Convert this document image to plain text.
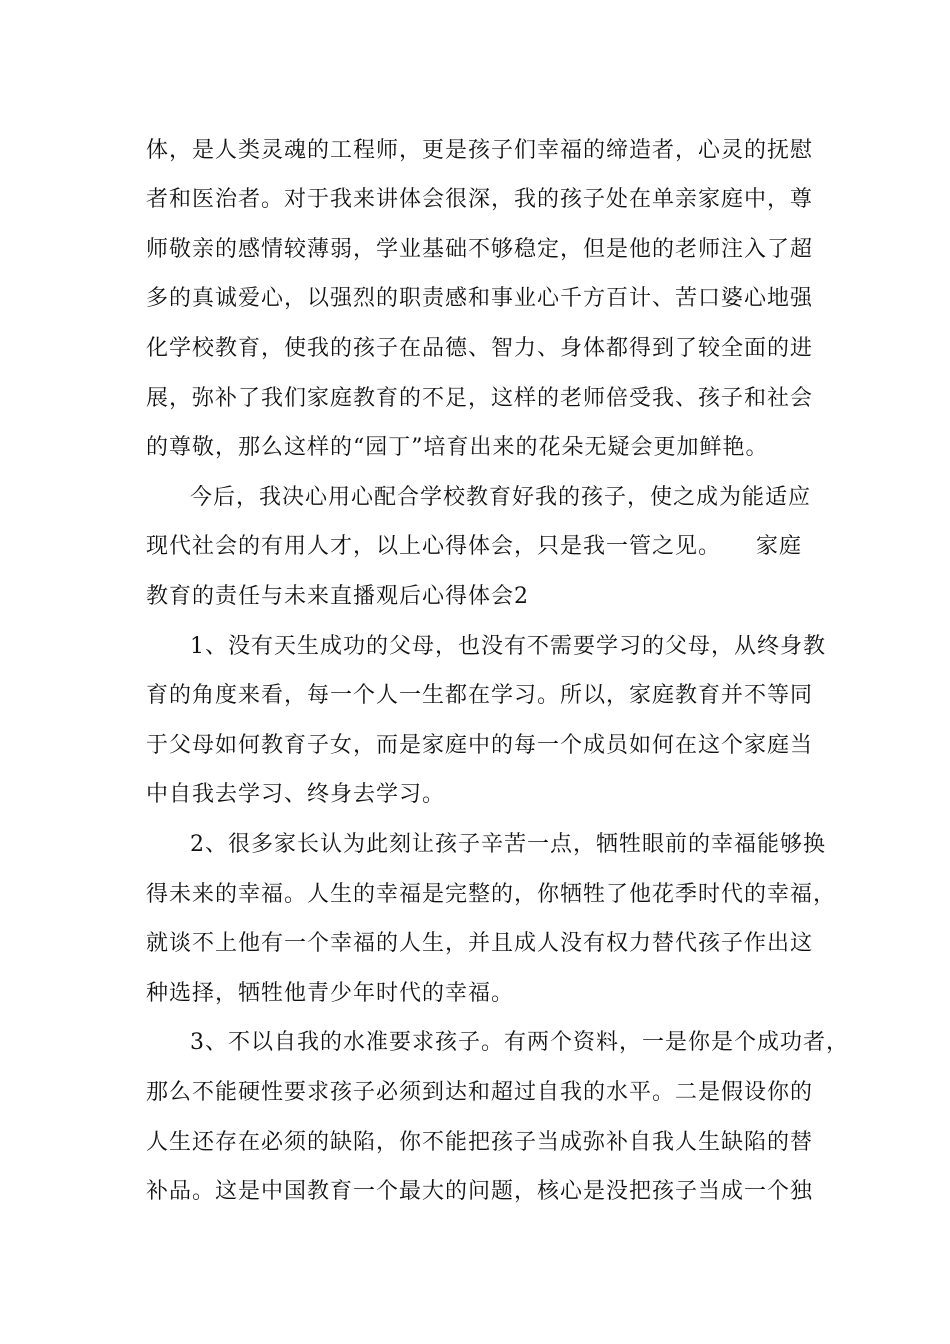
体，是人类灵魂的工程师，更是孩子们幸福的缔造者，心灵的抚慰
者和医治者。对于我来讲体会很深，我的孩子处在单亲家庭中，尊
师敬亲的感情较薄弱，学业基础不够稳定，但是他的老师注入了超
多的真诚爱心，以强烈的职责感和事业心千方百计、苦口婆心地强
化学校教育，使我的孩子在品德、智力、身体都得到了较全面的进
展，弥补了我们家庭教育的不足，这样的老师倍受我、孩子和社会
的尊敬，那么这样的“园丁”培育出来的花朵无疑会更加鲜艳。
今后，我决心用心配合学校教育好我的孩子，使之成为能适应
现代社会的有用人才，以上心得体会，只是我一管之见。　　家庭
教育的责任与未来直播观后心得体会2
1、没有天生成功的父母，也没有不需要学习的父母，从终身教
育的角度来看，每一个人一生都在学习。所以，家庭教育并不等同
于父母如何教育子女，而是家庭中的每一个成员如何在这个家庭当
中自我去学习、终身去学习。
2、很多家长认为此刻让孩子辛苦一点，牺牲眼前的幸福能够换
得未来的幸福。人生的幸福是完整的，你牺牲了他花季时代的幸福，
就谈不上他有一个幸福的人生，并且成人没有权力替代孩子作出这
种选择，牺牲他青少年时代的幸福。
3、不以自我的水准要求孩子。有两个资料，一是你是个成功者，
那么不能硬性要求孩子必须到达和超过自我的水平。二是假设你的
人生还存在必须的缺陷，你不能把孩子当成弥补自我人生缺陷的替
补品。这是中国教育一个最大的问题，核心是没把孩子当成一个独
